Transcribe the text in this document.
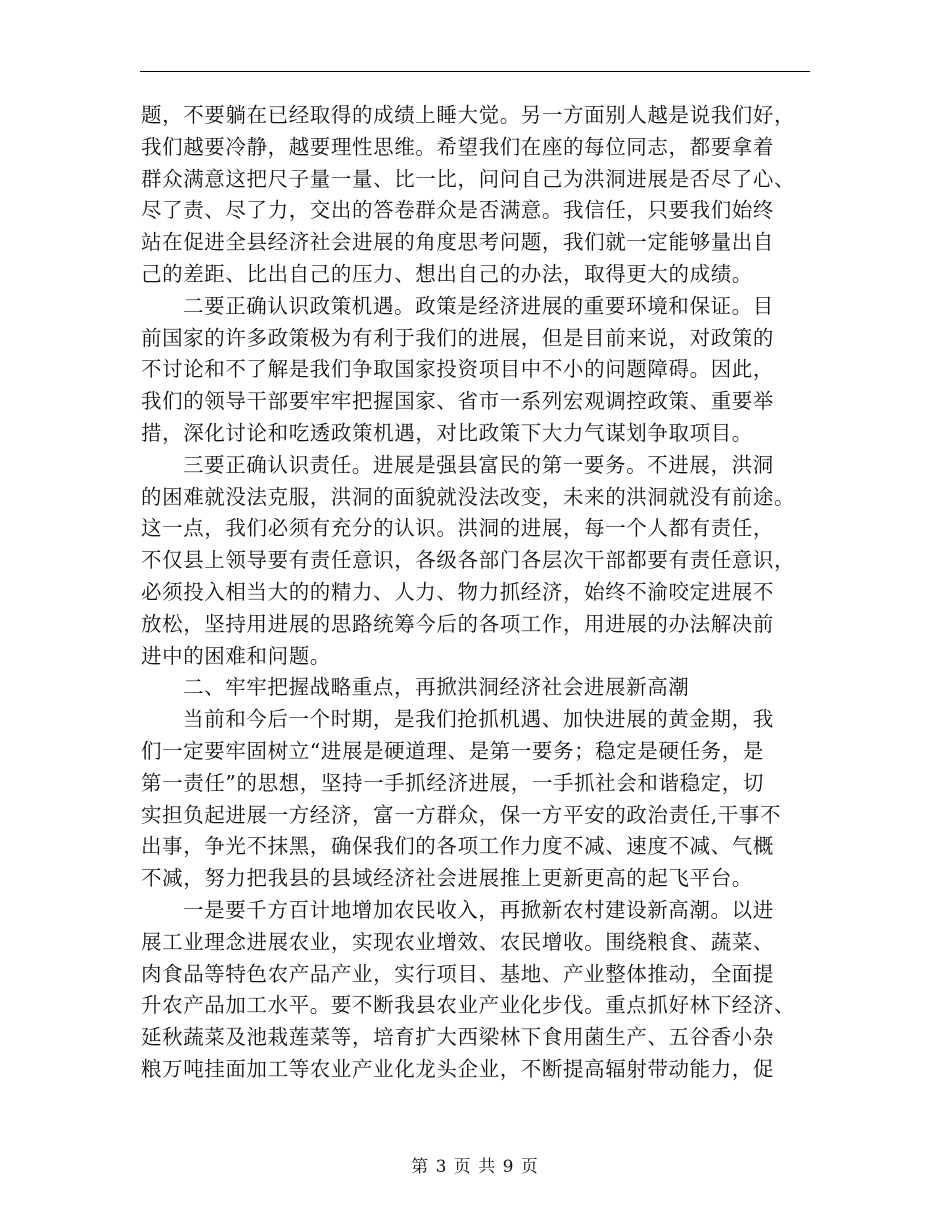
题，不要躺在已经取得的成绩上睡大觉。另一方面别人越是说我们好，
我们越要冷静，越要理性思维。希望我们在座的每位同志，都要拿着
群众满意这把尺子量一量、比一比，问问自己为洪洞进展是否尽了心、
尽了责、尽了力，交出的答卷群众是否满意。我信任，只要我们始终
站在促进全县经济社会进展的角度思考问题，我们就一定能够量出自
己的差距、比出自己的压力、想出自己的办法，取得更大的成绩。
二要正确认识政策机遇。政策是经济进展的重要环境和保证。目
前国家的许多政策极为有利于我们的进展，但是目前来说，对政策的
不讨论和不了解是我们争取国家投资项目中不小的问题障碍。因此，
我们的领导干部要牢牢把握国家、省市一系列宏观调控政策、重要举
措，深化讨论和吃透政策机遇，对比政策下大力气谋划争取项目。
三要正确认识责任。进展是强县富民的第一要务。不进展，洪洞
的困难就没法克服，洪洞的面貌就没法改变，未来的洪洞就没有前途。
这一点，我们必须有充分的认识。洪洞的进展，每一个人都有责任，
不仅县上领导要有责任意识，各级各部门各层次干部都要有责任意识，
必须投入相当大的的精力、人力、物力抓经济，始终不渝咬定进展不
放松，坚持用进展的思路统筹今后的各项工作，用进展的办法解决前
进中的困难和问题。
二、牢牢把握战略重点，再掀洪洞经济社会进展新高潮
当前和今后一个时期，是我们抢抓机遇、加快进展的黄金期，我
们一定要牢固树立“进展是硬道理、是第一要务；稳定是硬任务，是
第一责任”的思想，坚持一手抓经济进展，一手抓社会和谐稳定，切
实担负起进展一方经济，富一方群众，保一方平安的政治责任,干事不
出事，争光不抹黑，确保我们的各项工作力度不减、速度不减、气概
不减，努力把我县的县域经济社会进展推上更新更高的起飞平台。
一是要千方百计地增加农民收入，再掀新农村建设新高潮。以进
展工业理念进展农业，实现农业增效、农民增收。围绕粮食、蔬菜、
肉食品等特色农产品产业，实行项目、基地、产业整体推动，全面提
升农产品加工水平。要不断我县农业产业化步伐。重点抓好林下经济、
延秋蔬菜及池栽莲菜等，培育扩大西梁林下食用菌生产、五谷香小杂
粮万吨挂面加工等农业产业化龙头企业，不断提高辐射带动能力，促
第 3 页 共 9 页
